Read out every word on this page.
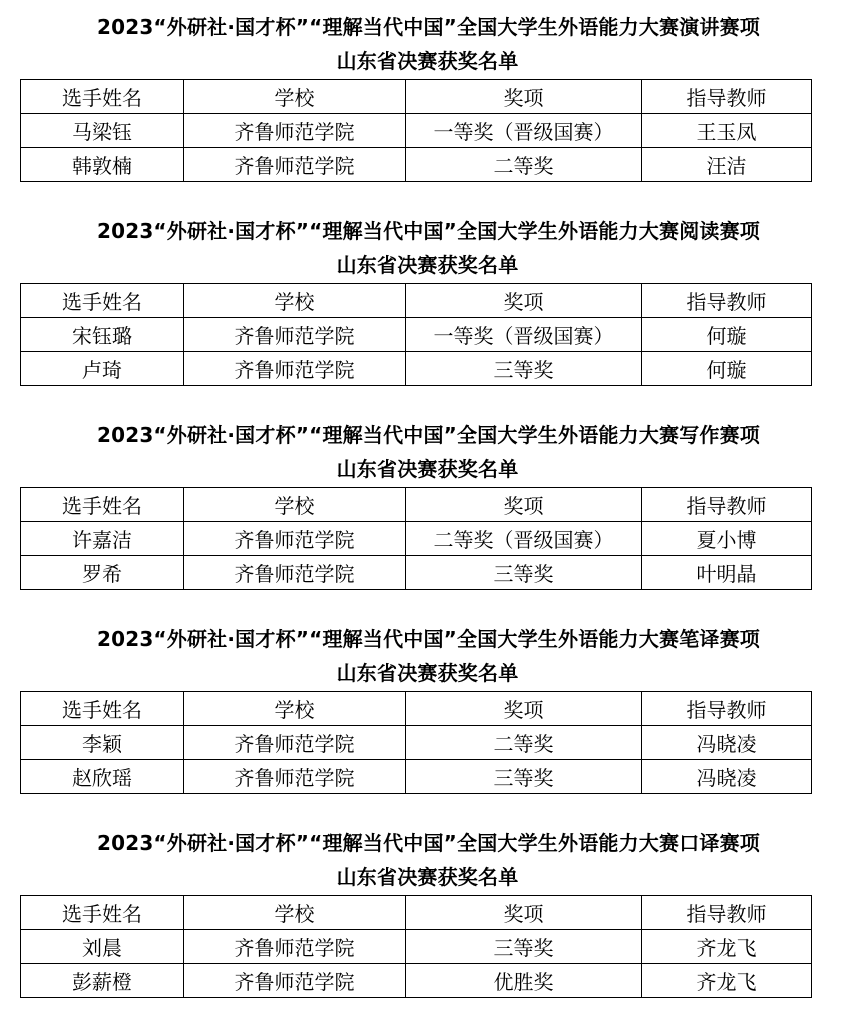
2023“外研社·国才杯”“理解当代中国”全国大学生外语能力大赛演讲赛项
山东省决赛获奖名单
选手姓名	学校	奖项	指导教师
马梁钰	齐鲁师范学院	一等奖（晋级国赛）	王玉凤
韩敦楠	齐鲁师范学院	二等奖	汪洁
2023“外研社·国才杯”“理解当代中国”全国大学生外语能力大赛阅读赛项
山东省决赛获奖名单
选手姓名	学校	奖项	指导教师
宋钰璐	齐鲁师范学院	一等奖（晋级国赛）	何璇
卢琦	齐鲁师范学院	三等奖	何璇
2023“外研社·国才杯”“理解当代中国”全国大学生外语能力大赛写作赛项
山东省决赛获奖名单
选手姓名	学校	奖项	指导教师
许嘉洁	齐鲁师范学院	二等奖（晋级国赛）	夏小博
罗希	齐鲁师范学院	三等奖	叶明晶
2023“外研社·国才杯”“理解当代中国”全国大学生外语能力大赛笔译赛项
山东省决赛获奖名单
选手姓名	学校	奖项	指导教师
李颖	齐鲁师范学院	二等奖	冯晓凌
赵欣瑶	齐鲁师范学院	三等奖	冯晓凌
2023“外研社·国才杯”“理解当代中国”全国大学生外语能力大赛口译赛项
山东省决赛获奖名单
选手姓名	学校	奖项	指导教师
刘晨	齐鲁师范学院	三等奖	齐龙飞
彭薪橙	齐鲁师范学院	优胜奖	齐龙飞
